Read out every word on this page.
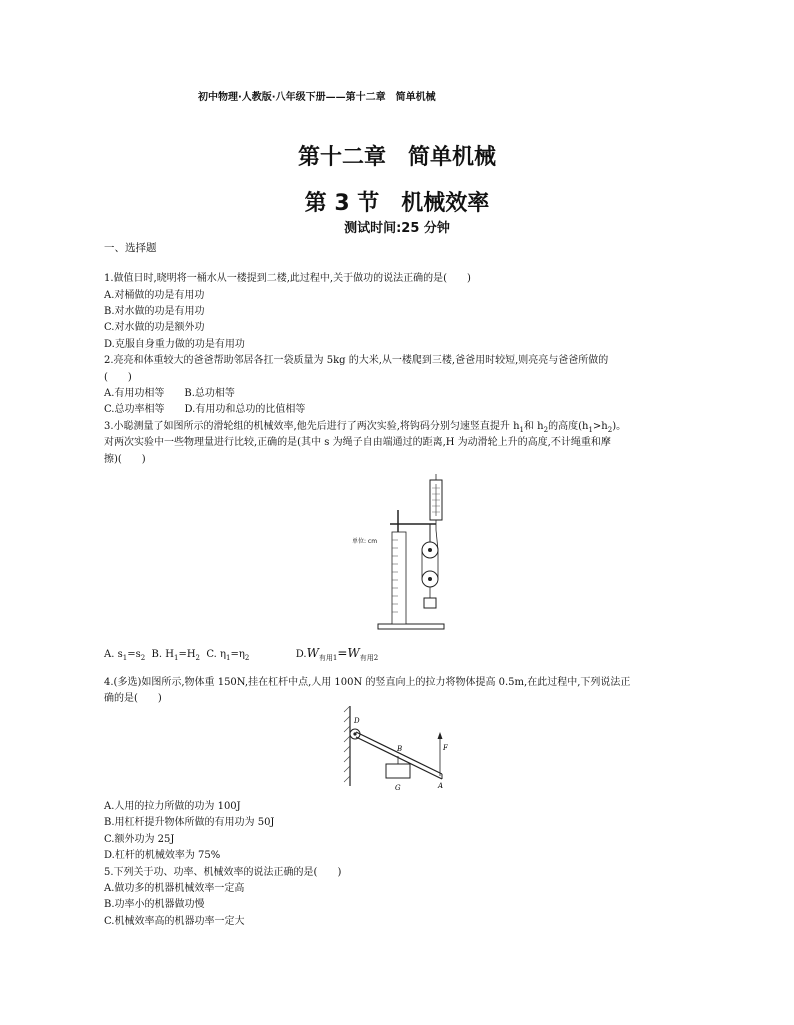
初中物理·人教版·八年级下册——第十二章　简单机械
第十二章　简单机械
第 3 节　机械效率
测试时间:25 分钟
一、选择题
1.做值日时,晓明将一桶水从一楼提到二楼,此过程中,关于做功的说法正确的是(　　)
A.对桶做的功是有用功
B.对水做的功是有用功
C.对水做的功是额外功
D.克服自身重力做的功是有用功
2.亮亮和体重较大的爸爸帮助邻居各扛一袋质量为 5kg 的大米,从一楼爬到三楼,爸爸用时较短,则亮亮与爸爸所做的
(　　)
A.有用功相等　　B.总功相等
C.总功率相等　　D.有用功和总功的比值相等
3.小聪测量了如图所示的滑轮组的机械效率,他先后进行了两次实验,将钩码分别匀速竖直提升 $h_1$和 $h_2$的高度$(h_1>h_2)$。
对两次实验中一些物理量进行比较,正确的是(其中 s 为绳子自由端通过的距离,H 为动滑轮上升的高度,不计绳重和摩
擦)(　　)
单位: cm
A. $s_1=s_2$ B. $H_1=H_2$ C. $\eta_1=\eta_2$	$D.W_{有用1}=W_{有用2}$
4.(多选)如图所示,物体重 150N,挂在杠杆中点,人用 100N 的竖直向上的拉力将物体提高 0.5m,在此过程中,下列说法正
确的是(　　)
D
B	F
A
G
A.人用的拉力所做的功为 100J
B.用杠杆提升物体所做的有用功为 50J
C.额外功为 25J
D.杠杆的机械效率为 75%
5.下列关于功、功率、机械效率的说法正确的是(　　)
A.做功多的机器机械效率一定高
B.功率小的机器做功慢
C.机械效率高的机器功率一定大
